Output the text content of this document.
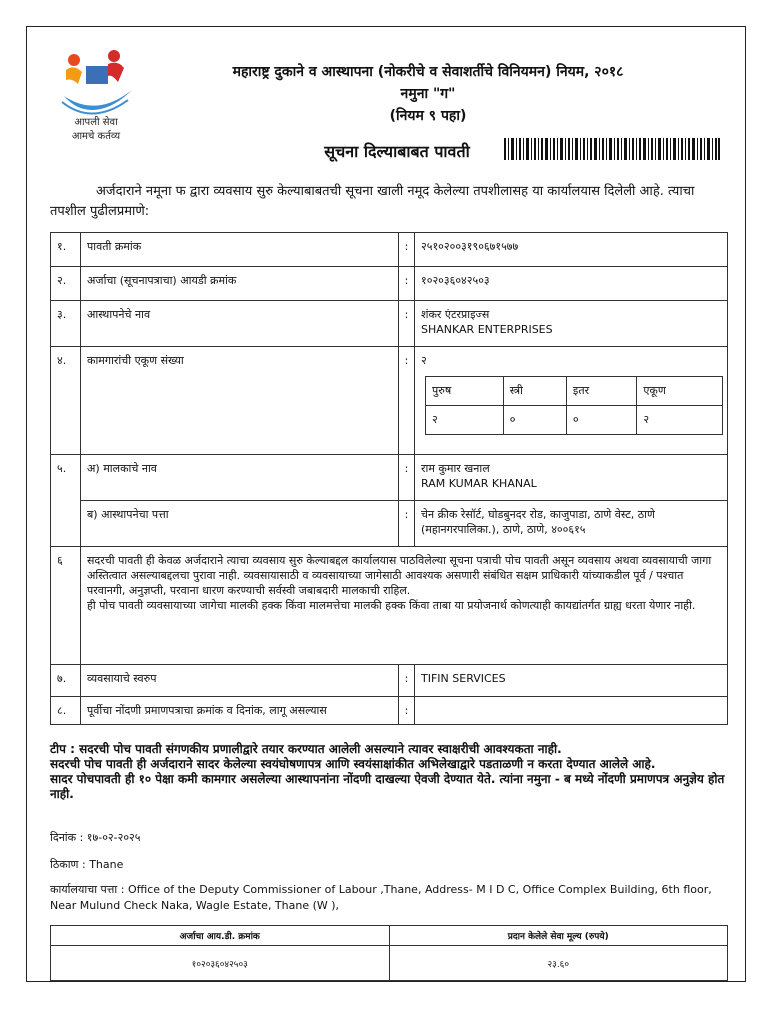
आपली सेवा
आमचे कर्तव्य
महाराष्ट्र दुकाने व आस्थापना (नोकरीचे व सेवाशर्तीचे विनियमन) नियम, २०१८
नमुना "ग"
(नियम ९ पहा)
सूचना दिल्याबाबत पावती
अर्जदाराने नमूना फ द्वारा व्यवसाय सुरु केल्याबाबतची सूचना खाली नमूद केलेल्या तपशीलासह या कार्यालयास दिलेली आहे. त्याचा तपशील पुढीलप्रमाणे:
१.	पावती क्रमांक	:	२५१०२००३१९०६७१५७७
२.	अर्जाचा (सूचनापत्राचा) आयडी क्रमांक	:	१०२०३६०४२५०३
३.	आस्थापनेचे नाव	:	शंकर एंटरप्राइज्स
SHANKAR ENTERPRISES

४.	कामगारांची एकूण संख्या	:	२
पुरुष	स्त्री	इतर	एकूण
२	०	०	२

५.	अ) मालकाचे नाव	:	राम कुमार खनाल
RAM KUMAR KHANAL

ब) आस्थापनेचा पत्ता	:	चेन क्रीक रेसॉर्ट, घोडबुनदर रोड, काजुपाडा, ठाणे वेस्ट, ठाणे (महानगरपालिका.), ठाणे, ठाणे, ४००६१५
६	सदरची पावती ही केवळ अर्जदाराने त्याचा व्यवसाय सुरु केल्याबद्दल कार्यालयास पाठविलेल्या सूचना पत्राची पोच पावती असून व्यवसाय अथवा व्यवसायाची जागा अस्तित्वात असल्याबद्दलचा पुरावा नाही. व्यवसायासाठी व व्यवसायाच्या जागेसाठी आवश्यक असणारी संबंधित सक्षम प्राधिकारी यांच्याकडील पूर्व / पश्चात परवानगी, अनुज्ञप्ती, परवाना धारण करण्याची सर्वस्वी जबाबदारी मालकाची राहिल.
ही पोच पावती व्यवसायाच्या जागेचा मालकी हक्क किंवा मालमत्तेचा मालकी हक्क किंवा ताबा या प्रयोजनार्थ कोणत्याही कायद्यांतर्गत ग्राह्य धरता येणार नाही.

७.	व्यवसायाचे स्वरुप	:	TIFIN SERVICES
८.	पूर्वीचा नोंदणी प्रमाणपत्राचा क्रमांक व दिनांक, लागू असल्यास	:	
टीप : सदरची पोच पावती संगणकीय प्रणालीद्वारे तयार करण्यात आलेली असल्याने त्यावर स्वाक्षरीची आवश्यकता नाही.
सदरची पोच पावती ही अर्जदाराने सादर केलेल्या स्वयंघोषणापत्र आणि स्वयंसाक्षांकीत अभिलेखाद्वारे पडताळणी न करता देण्यात आलेले आहे.
सादर पोचपावती ही १० पेक्षा कमी कामगार असलेल्या आस्थापनांना नोंदणी दाखल्या ऐवजी देण्यात येते. त्यांना नमुना - ब मध्ये नोंदणी प्रमाणपत्र अनुज्ञेय होत नाही.
दिनांक : १७-०२-२०२५
ठिकाण : Thane
कार्यालयाचा पत्ता : Office of the Deputy Commissioner of Labour ,Thane, Address- M I D C, Office Complex Building, 6th floor, Near Mulund Check Naka, Wagle Estate, Thane (W ),
अर्जाचा आय.डी. क्रमांक	प्रदान केलेले सेवा मूल्य (रुपये)
१०२०३६०४२५०३	२३.६०
